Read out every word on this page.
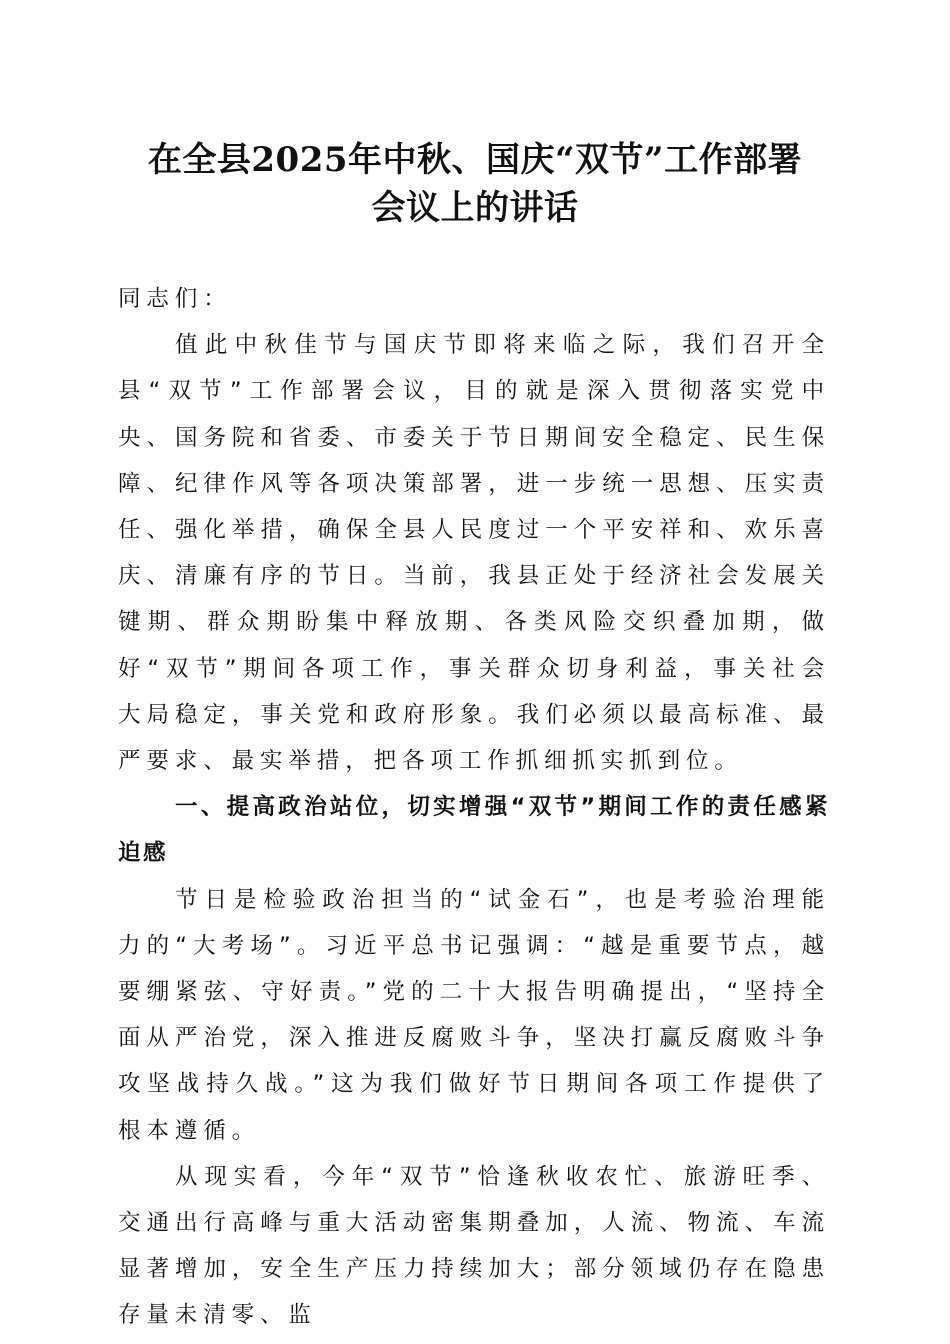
在全县2025年中秋、国庆“双节”工作部署
会议上的讲话

同志们：

值此中秋佳节与国庆节即将来临之际，我们召开全县“双节”工作部署会议，目的就是深入贯彻落实党中央、国务院和省委、市委关于节日期间安全稳定、民生保障、纪律作风等各项决策部署，进一步统一思想、压实责任、强化举措，确保全县人民度过一个平安祥和、欢乐喜庆、清廉有序的节日。当前，我县正处于经济社会发展关键期、群众期盼集中释放期、各类风险交织叠加期，做好“双节”期间各项工作，事关群众切身利益，事关社会大局稳定，事关党和政府形象。我们必须以最高标准、最严要求、最实举措，把各项工作抓细抓实抓到位。

一、提高政治站位，切实增强“双节”期间工作的责任感紧迫感

节日是检验政治担当的“试金石”，也是考验治理能力的“大考场”。习近平总书记强调：“越是重要节点，越要绷紧弦、守好责。”党的二十大报告明确提出，“坚持全面从严治党，深入推进反腐败斗争，坚决打赢反腐败斗争攻坚战持久战。”这为我们做好节日期间各项工作提供了根本遵循。

从现实看，今年“双节”恰逢秋收农忙、旅游旺季、交通出行高峰与重大活动密集期叠加，人流、物流、车流显著增加，安全生产压力持续加大；部分领域仍存在隐患存量未清零、监
